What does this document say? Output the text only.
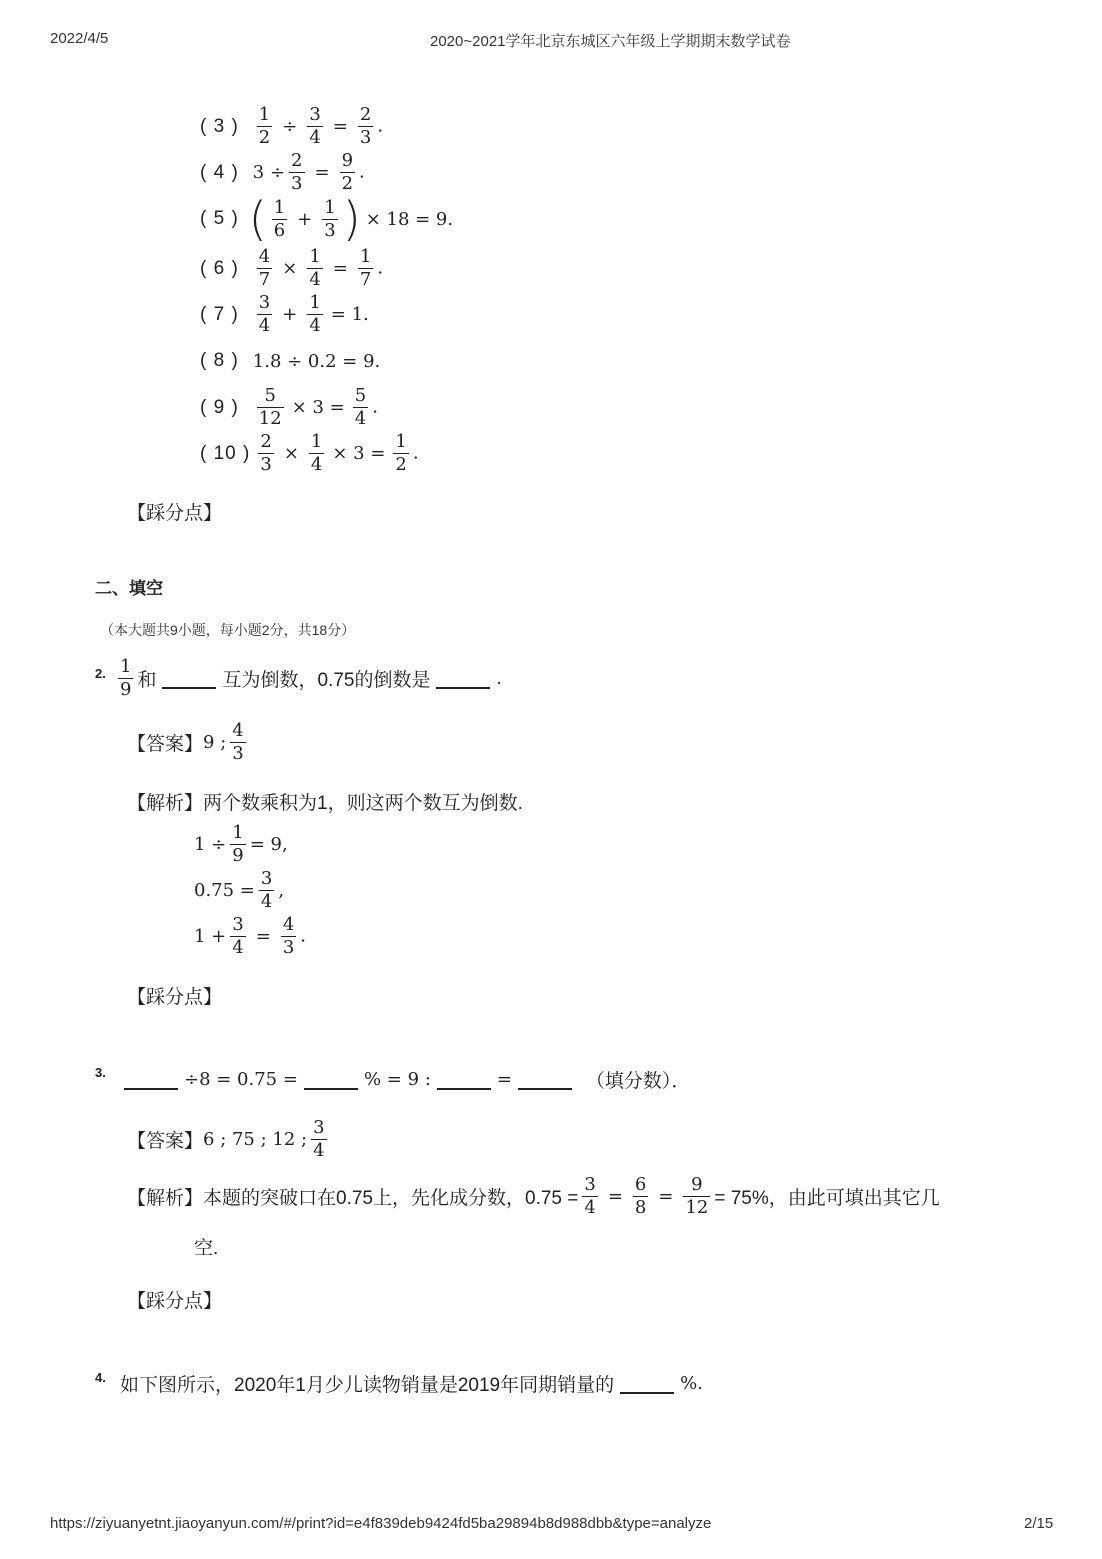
2022/4/5	2020~2021学年北京东城区六年级上学期期末数学试卷
( 3 ) $\frac{1}{2} \div \frac{3}{4} = \frac{2}{3}$ .
( 4 ) $3 \div \frac{2}{3} = \frac{9}{2}$ .
( 5 ) ( $\frac{1}{6} + \frac{1}{3}$ ) × 18 = 9.
( 6 ) $\frac{4}{7} \times \frac{1}{4} = \frac{1}{7}$ .
( 7 ) $\frac{3}{4} + \frac{1}{4} = 1$.
( 8 ) 1.8 ÷ 0.2 = 9.
( 9 ) $\frac{5}{12} \times 3 = \frac{5}{4}$ .
( 10 ) $\frac{2}{3} \times \frac{1}{4} \times 3 = \frac{1}{2}$ .
【踩分点】
二、填空
（本大题共9小题，每小题2分，共18分）
2. $\frac{1}{9}$ 和	互为倒数，0.75的倒数是	.
【答案】 9 ; $\frac{4}{3}$
【解析】 两个数乘积为1，则这两个数互为倒数.
$1 \div \frac{1}{9} = 9$,
$0.75 = \frac{3}{4}$ ,
$1 + \frac{3}{4} = \frac{4}{3}$ .
【踩分点】
3.	÷8 = 0.75 =	% = 9 :	=	（填分数）．
【答案】 6 ; 75 ; 12 ; $\frac{3}{4}$
【解析】 本题的突破口在0.75上，先化成分数，$0.75 = \frac{3}{4} = \frac{6}{8} = \frac{9}{12} = 75\%$，由此可填出其它几
空.
【踩分点】
4. 如下图所示，2020年1月少儿读物销量是2019年同期销量的	%.
https://ziyuanyetnt.jiaoyanyun.com/#/print?id=e4f839deb9424fd5ba29894b8d988dbb&type=analyze	2/15
